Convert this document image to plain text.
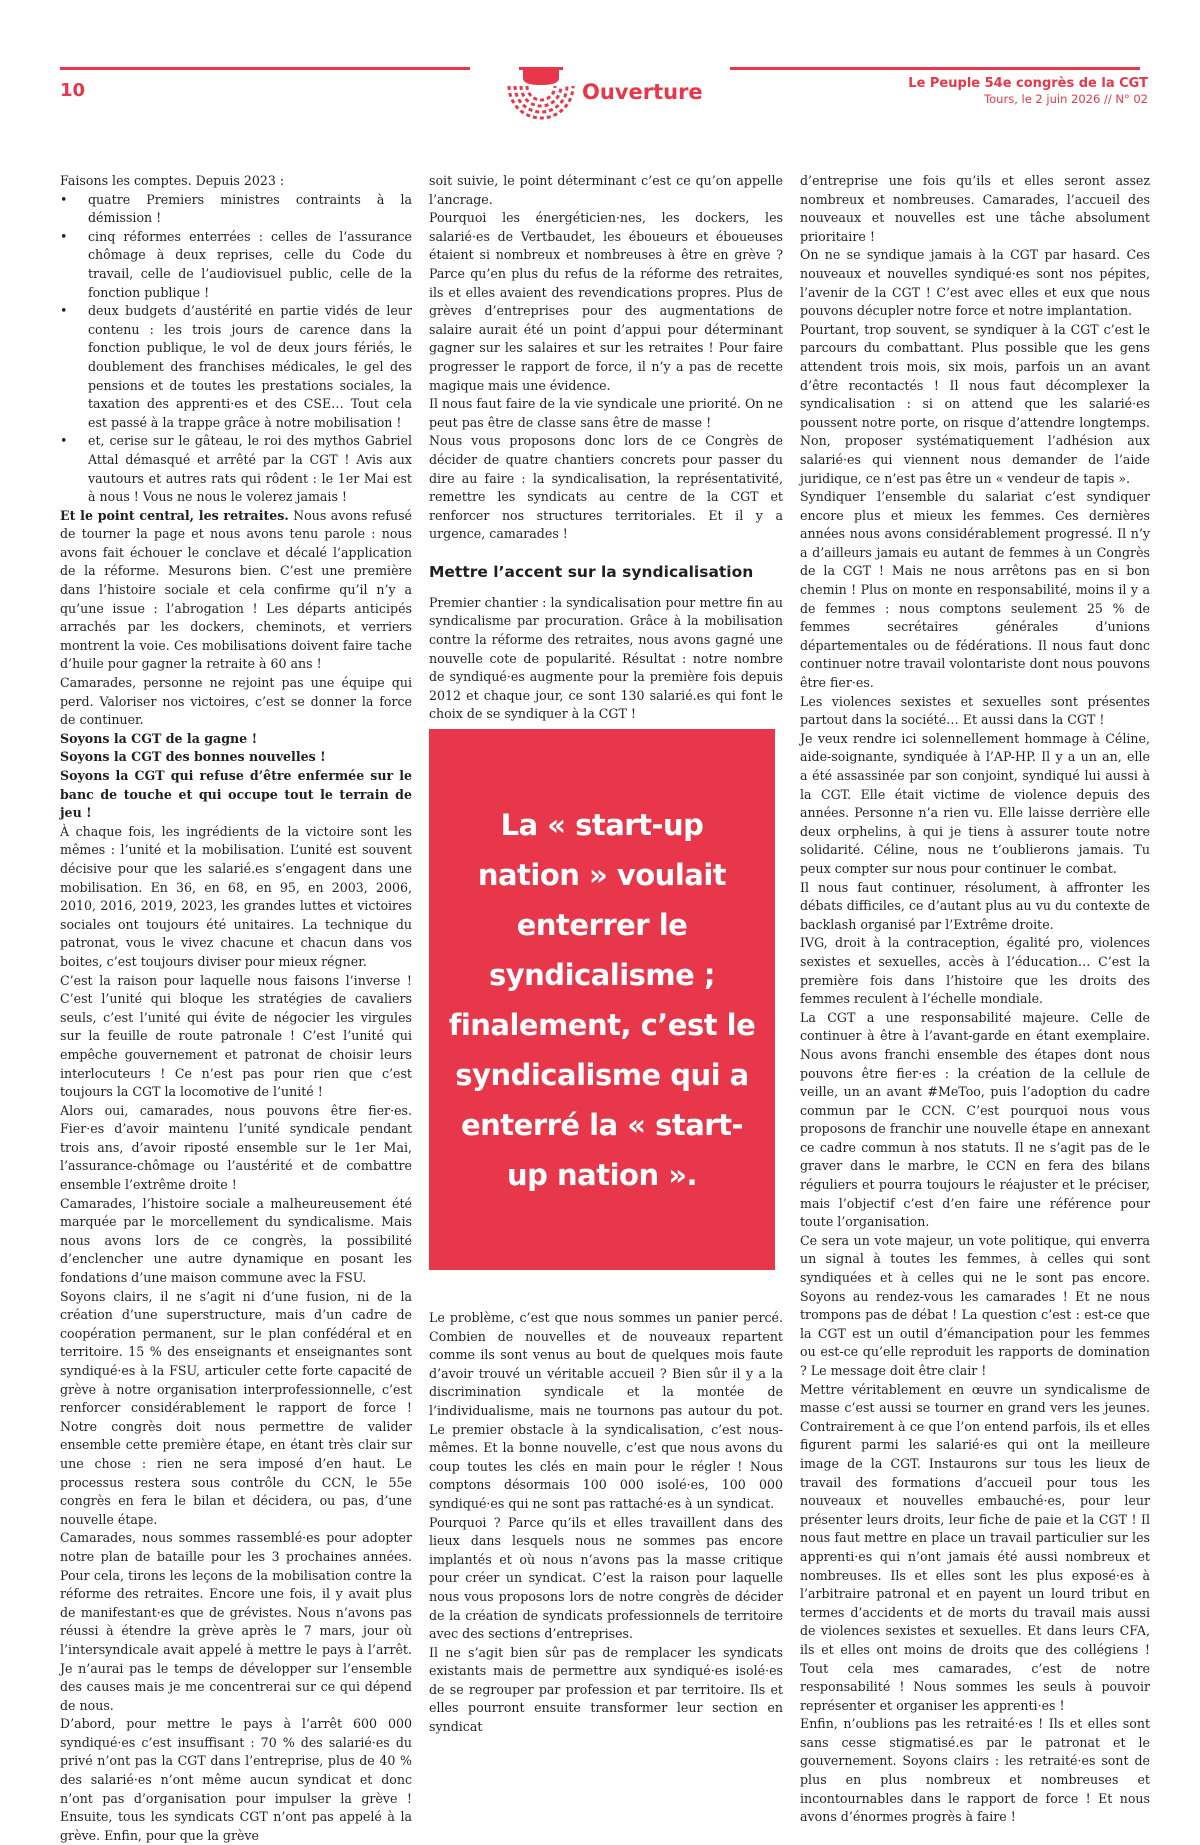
10	Ouverture	Le Peuple 54e congrès de la CGT
Tours, le 2 juin 2026 // N° 02

Faisons les comptes. Depuis 2023 :

• quatre Premiers ministres contraints à la démission !
• cinq réformes enterrées : celles de l’assurance chômage à deux reprises, celle du Code du travail, celle de l’audiovisuel public, celle de la fonction publique !
• deux budgets d’austérité en partie vidés de leur contenu : les trois jours de carence dans la fonction publique, le vol de deux jours fériés, le doublement des franchises médicales, le gel des pensions et de toutes les prestations sociales, la taxation des apprenti·es et des CSE… Tout cela est passé à la trappe grâce à notre mobilisation !
• et, cerise sur le gâteau, le roi des mythos Gabriel Attal démasqué et arrêté par la CGT ! Avis aux vautours et autres rats qui rôdent : le 1er Mai est à nous ! Vous ne nous le volerez jamais !

Et le point central, les retraites. Nous avons refusé de tourner la page et nous avons tenu parole : nous avons fait échouer le conclave et décalé l’application de la réforme. Mesurons bien. C’est une première dans l’histoire sociale et cela confirme qu’il n’y a qu’une issue : l’abrogation ! Les départs anticipés arrachés par les dockers, cheminots, et verriers montrent la voie. Ces mobilisations doivent faire tache d’huile pour gagner la retraite à 60 ans !

Camarades, personne ne rejoint pas une équipe qui perd. Valoriser nos victoires, c’est se donner la force de continuer.

Soyons la CGT de la gagne !

Soyons la CGT des bonnes nouvelles !

Soyons la CGT qui refuse d’être enfermée sur le banc de touche et qui occupe tout le terrain de jeu !

À chaque fois, les ingrédients de la victoire sont les mêmes : l’unité et la mobilisation. L’unité est souvent décisive pour que les salarié.es s’engagent dans une mobilisation. En 36, en 68, en 95, en 2003, 2006, 2010, 2016, 2019, 2023, les grandes luttes et victoires sociales ont toujours été unitaires. La technique du patronat, vous le vivez chacune et chacun dans vos boites, c’est toujours diviser pour mieux régner.

C’est la raison pour laquelle nous faisons l’inverse ! C’est l’unité qui bloque les stratégies de cavaliers seuls, c’est l’unité qui évite de négocier les virgules sur la feuille de route patronale ! C’est l’unité qui empêche gouvernement et patronat de choisir leurs interlocuteurs ! Ce n’est pas pour rien que c’est toujours la CGT la locomotive de l’unité !

Alors oui, camarades, nous pouvons être fier·es. Fier·es d’avoir maintenu l’unité syndicale pendant trois ans, d’avoir riposté ensemble sur le 1er Mai, l’assurance-chômage ou l’austérité et de combattre ensemble l’extrême droite !

Camarades, l’histoire sociale a malheureusement été marquée par le morcellement du syndicalisme. Mais nous avons lors de ce congrès, la possibilité d’enclencher une autre dynamique en posant les fondations d’une maison commune avec la FSU.

Soyons clairs, il ne s’agit ni d’une fusion, ni de la création d’une superstructure, mais d’un cadre de coopération permanent, sur le plan confédéral et en territoire. 15 % des enseignants et enseignantes sont syndiqué·es à la FSU, articuler cette forte capacité de grève à notre organisation interprofessionnelle, c’est renforcer considérablement le rapport de force ! Notre congrès doit nous permettre de valider ensemble cette première étape, en étant très clair sur une chose : rien ne sera imposé d’en haut. Le processus restera sous contrôle du CCN, le 55e congrès en fera le bilan et décidera, ou pas, d’une nouvelle étape.

Camarades, nous sommes rassemblé·es pour adopter notre plan de bataille pour les 3 prochaines années. Pour cela, tirons les leçons de la mobilisation contre la réforme des retraites. Encore une fois, il y avait plus de manifestant·es que de grévistes. Nous n’avons pas réussi à étendre la grève après le 7 mars, jour où l’intersyndicale avait appelé à mettre le pays à l’arrêt. Je n’aurai pas le temps de développer sur l’ensemble des causes mais je me concentrerai sur ce qui dépend de nous.

D’abord, pour mettre le pays à l’arrêt 600 000 syndiqué·es c’est insuffisant : 70 % des salarié·es du privé n’ont pas la CGT dans l’entreprise, plus de 40 % des salarié·es n’ont même aucun syndicat et donc n’ont pas d’organisation pour impulser la grève ! Ensuite, tous les syndicats CGT n’ont pas appelé à la grève. Enfin, pour que la grève

soit suivie, le point déterminant c’est ce qu’on appelle l’ancrage.

Pourquoi les énergéticien·nes, les dockers, les salarié·es de Vertbaudet, les éboueurs et éboueuses étaient si nombreux et nombreuses à être en grève ? Parce qu’en plus du refus de la réforme des retraites, ils et elles avaient des revendications propres. Plus de grèves d’entreprises pour des augmentations de salaire aurait été un point d’appui pour déterminant gagner sur les salaires et sur les retraites ! Pour faire progresser le rapport de force, il n’y a pas de recette magique mais une évidence.

Il nous faut faire de la vie syndicale une priorité. On ne peut pas être de classe sans être de masse !

Nous vous proposons donc lors de ce Congrès de décider de quatre chantiers concrets pour passer du dire au faire : la syndicalisation, la représentativité, remettre les syndicats au centre de la CGT et renforcer nos structures territoriales. Et il y a urgence, camarades !

Mettre l’accent sur la syndicalisation

Premier chantier : la syndicalisation pour mettre fin au syndicalisme par procuration. Grâce à la mobilisation contre la réforme des retraites, nous avons gagné une nouvelle cote de popularité. Résultat : notre nombre de syndiqué·es augmente pour la première fois depuis 2012 et chaque jour, ce sont 130 salarié.es qui font le choix de se syndiquer à la CGT !

La « start-up nation » voulait enterrer le syndicalisme ; finalement, c’est le syndicalisme qui a enterré la « start-up nation ».

Le problème, c’est que nous sommes un panier percé. Combien de nouvelles et de nouveaux repartent comme ils sont venus au bout de quelques mois faute d’avoir trouvé un véritable accueil ? Bien sûr il y a la discrimination syndicale et la montée de l’individualisme, mais ne tournons pas autour du pot. Le premier obstacle à la syndicalisation, c’est nous-mêmes. Et la bonne nouvelle, c’est que nous avons du coup toutes les clés en main pour le régler ! Nous comptons désormais 100 000 isolé·es, 100 000 syndiqué·es qui ne sont pas rattaché·es à un syndicat.

Pourquoi ? Parce qu’ils et elles travaillent dans des lieux dans lesquels nous ne sommes pas encore implantés et où nous n’avons pas la masse critique pour créer un syndicat. C’est la raison pour laquelle nous vous proposons lors de notre congrès de décider de la création de syndicats professionnels de territoire avec des sections d’entreprises.

Il ne s’agit bien sûr pas de remplacer les syndicats existants mais de permettre aux syndiqué·es isolé·es de se regrouper par profession et par territoire. Ils et elles pourront ensuite transformer leur section en syndicat

d’entreprise une fois qu’ils et elles seront assez nombreux et nombreuses. Camarades, l’accueil des nouveaux et nouvelles est une tâche absolument prioritaire !

On ne se syndique jamais à la CGT par hasard. Ces nouveaux et nouvelles syndiqué·es sont nos pépites, l’avenir de la CGT ! C’est avec elles et eux que nous pouvons décupler notre force et notre implantation.

Pourtant, trop souvent, se syndiquer à la CGT c’est le parcours du combattant. Plus possible que les gens attendent trois mois, six mois, parfois un an avant d’être recontactés ! Il nous faut décomplexer la syndicalisation : si on attend que les salarié·es poussent notre porte, on risque d’attendre longtemps. Non, proposer systématiquement l’adhésion aux salarié·es qui viennent nous demander de l’aide juridique, ce n’est pas être un « vendeur de tapis ».

Syndiquer l’ensemble du salariat c’est syndiquer encore plus et mieux les femmes. Ces dernières années nous avons considérablement progressé. Il n’y a d’ailleurs jamais eu autant de femmes à un Congrès de la CGT ! Mais ne nous arrêtons pas en si bon chemin ! Plus on monte en responsabilité, moins il y a de femmes : nous comptons seulement 25 % de femmes secrétaires générales d’unions départementales ou de fédérations. Il nous faut donc continuer notre travail volontariste dont nous pouvons être fier·es.

Les violences sexistes et sexuelles sont présentes partout dans la société… Et aussi dans la CGT !

Je veux rendre ici solennellement hommage à Céline, aide-soignante, syndiquée à l’AP-HP. Il y a un an, elle a été assassinée par son conjoint, syndiqué lui aussi à la CGT. Elle était victime de violence depuis des années. Personne n’a rien vu. Elle laisse derrière elle deux orphelins, à qui je tiens à assurer toute notre solidarité. Céline, nous ne t’oublierons jamais. Tu peux compter sur nous pour continuer le combat.

Il nous faut continuer, résolument, à affronter les débats difficiles, ce d’autant plus au vu du contexte de backlash organisé par l’Extrême droite.

IVG, droit à la contraception, égalité pro, violences sexistes et sexuelles, accès à l’éducation… C’est la première fois dans l’histoire que les droits des femmes reculent à l’échelle mondiale.

La CGT a une responsabilité majeure. Celle de continuer à être à l’avant-garde en étant exemplaire. Nous avons franchi ensemble des étapes dont nous pouvons être fier·es : la création de la cellule de veille, un an avant #MeToo, puis l’adoption du cadre commun par le CCN. C’est pourquoi nous vous proposons de franchir une nouvelle étape en annexant ce cadre commun à nos statuts. Il ne s’agit pas de le graver dans le marbre, le CCN en fera des bilans réguliers et pourra toujours le réajuster et le préciser, mais l’objectif c’est d’en faire une référence pour toute l’organisation.

Ce sera un vote majeur, un vote politique, qui enverra un signal à toutes les femmes, à celles qui sont syndiquées et à celles qui ne le sont pas encore. Soyons au rendez-vous les camarades ! Et ne nous trompons pas de débat ! La question c’est : est-ce que la CGT est un outil d’émancipation pour les femmes ou est-ce qu’elle reproduit les rapports de domination ? Le message doit être clair !

Mettre véritablement en œuvre un syndicalisme de masse c’est aussi se tourner en grand vers les jeunes. Contrairement à ce que l’on entend parfois, ils et elles figurent parmi les salarié·es qui ont la meilleure image de la CGT. Instaurons sur tous les lieux de travail des formations d’accueil pour tous les nouveaux et nouvelles embauché·es, pour leur présenter leurs droits, leur fiche de paie et la CGT ! Il nous faut mettre en place un travail particulier sur les apprenti·es qui n’ont jamais été aussi nombreux et nombreuses. Ils et elles sont les plus exposé·es à l’arbitraire patronal et en payent un lourd tribut en termes d’accidents et de morts du travail mais aussi de violences sexistes et sexuelles. Et dans leurs CFA, ils et elles ont moins de droits que des collégiens ! Tout cela mes camarades, c’est de notre responsabilité ! Nous sommes les seuls à pouvoir représenter et organiser les apprenti·es !

Enfin, n’oublions pas les retraité·es ! Ils et elles sont sans cesse stigmatisé.es par le patronat et le gouvernement. Soyons clairs : les retraité·es sont de plus en plus nombreux et nombreuses et incontournables dans le rapport de force ! Et nous avons d’énormes progrès à faire !
